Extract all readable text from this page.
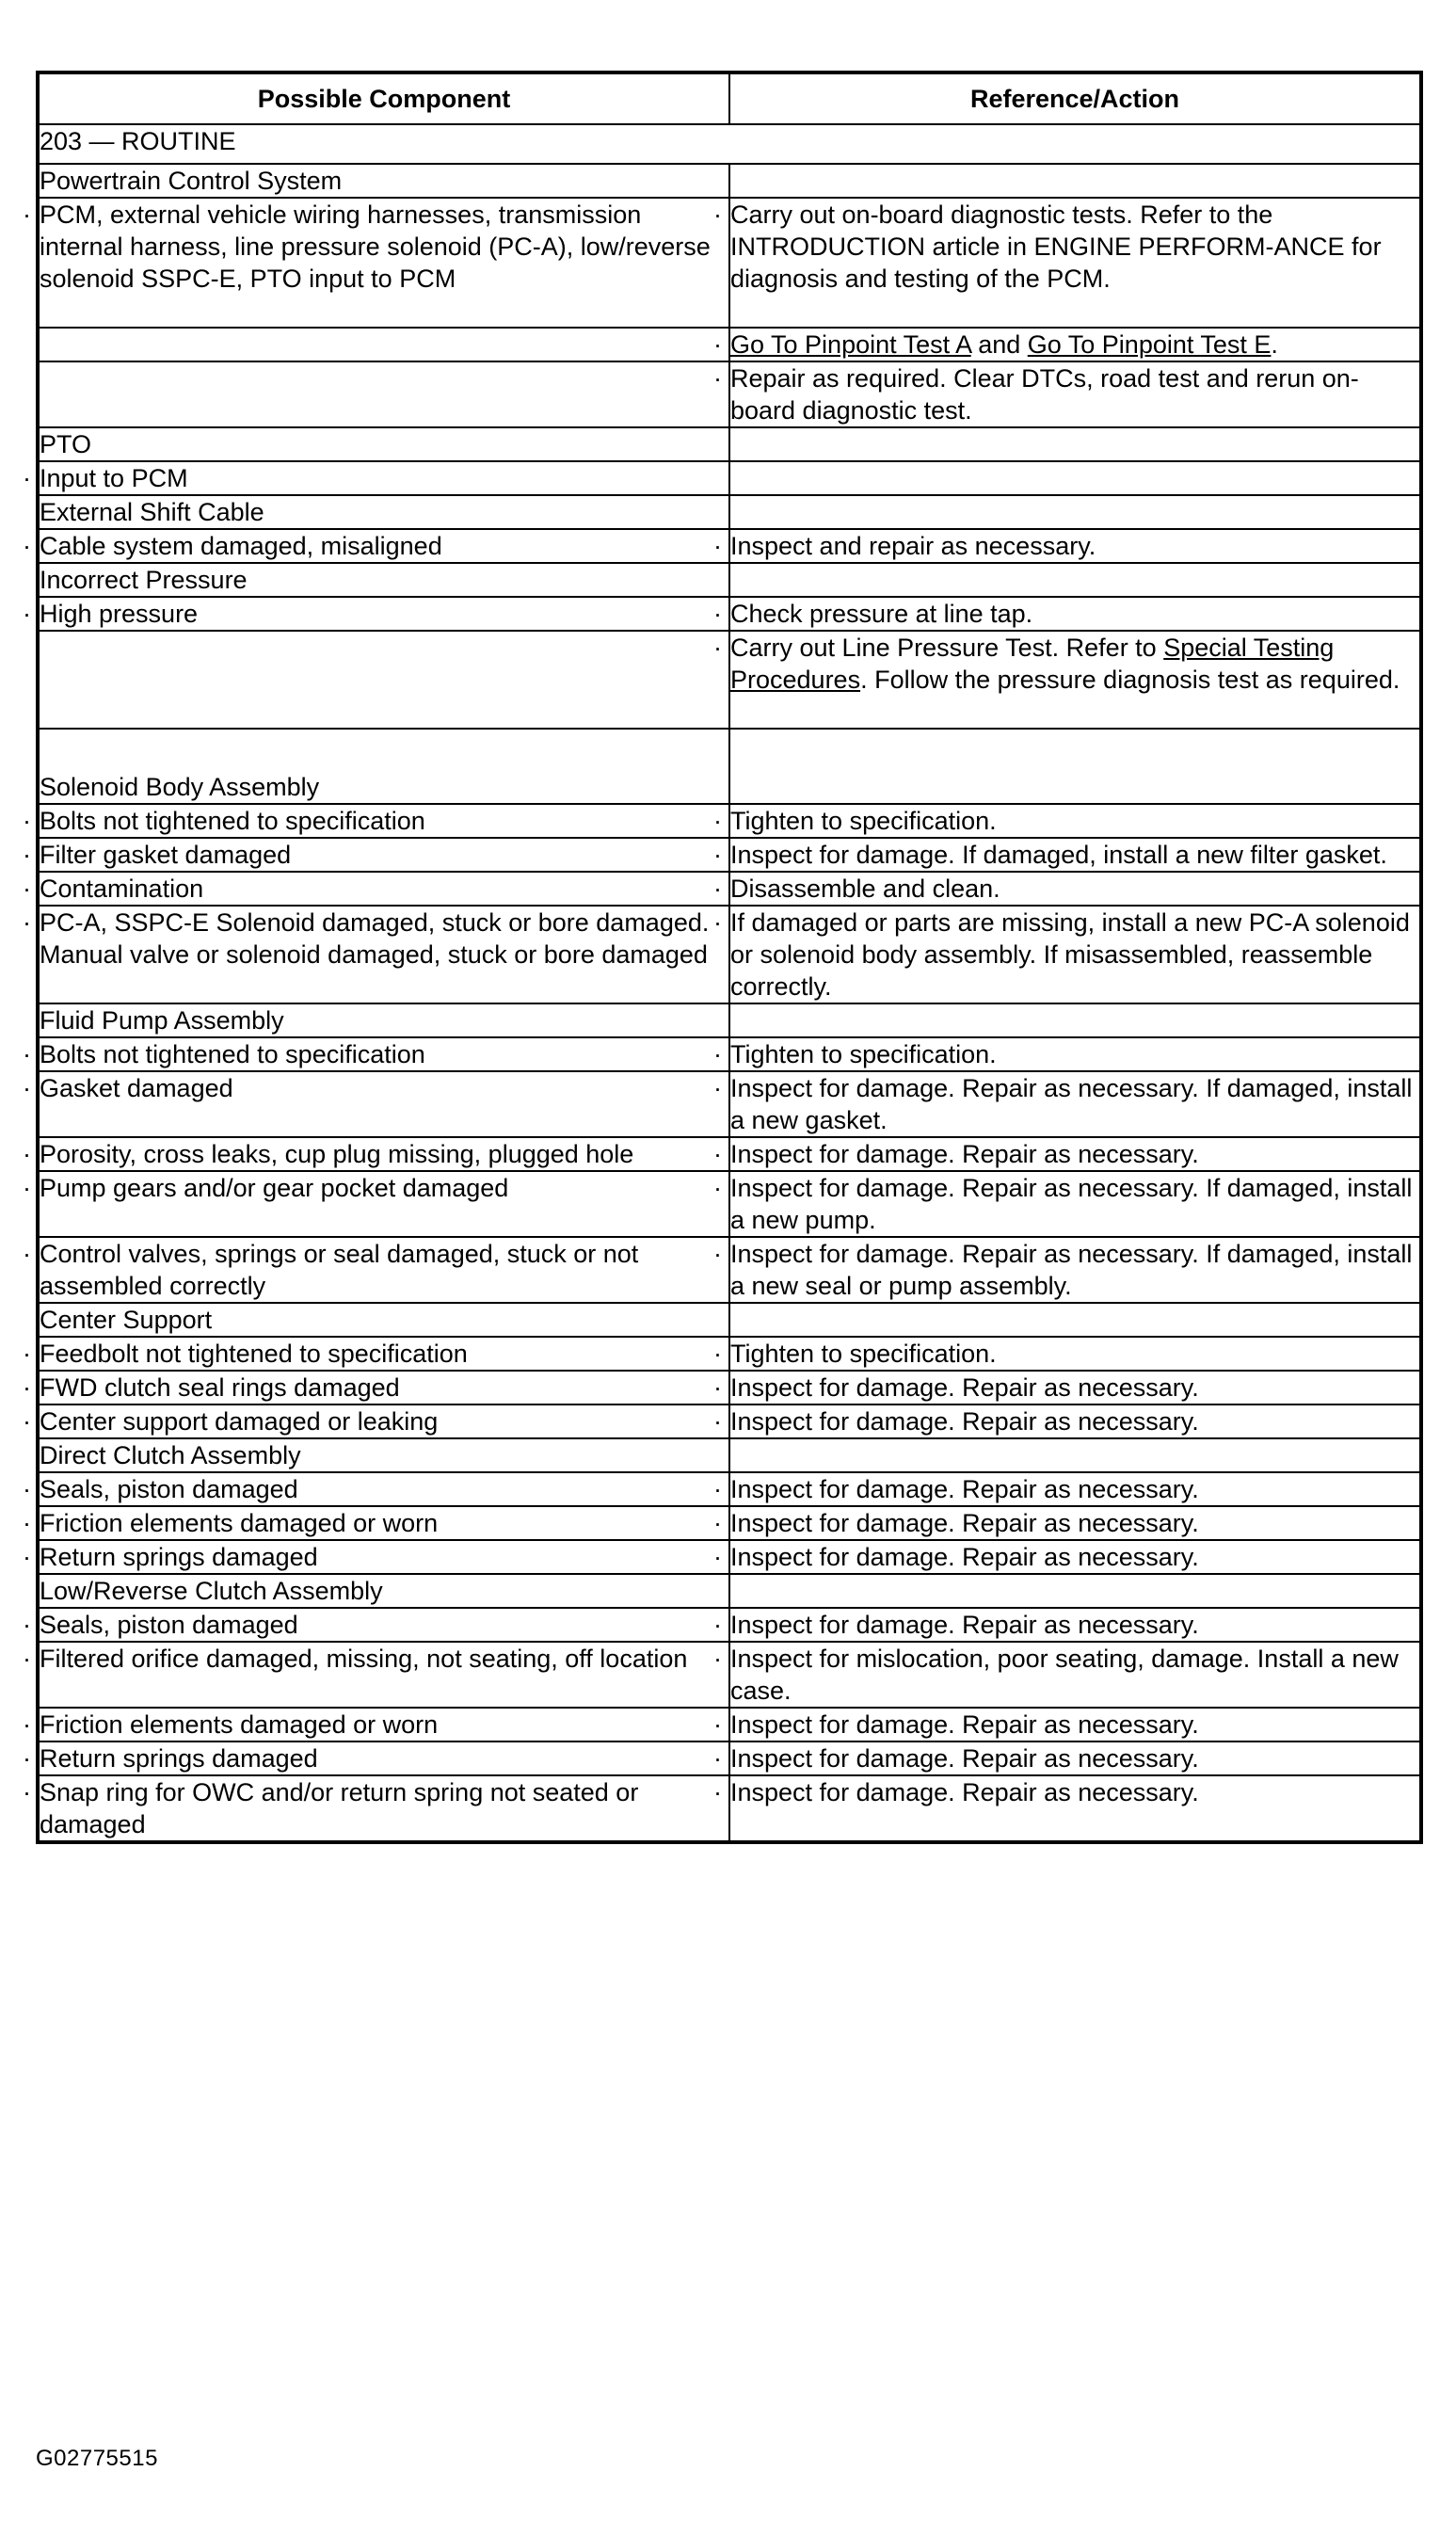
Possible Component	Reference/Action
203 — ROUTINE	
Powertrain Control System	
· PCM, external vehicle wiring harnesses, transmission internal harness, line pressure solenoid (PC-A), low/reverse solenoid SSPC-E, PTO input to PCM	· Carry out on-board diagnostic tests. Refer to the INTRODUCTION article in ENGINE PERFORM-ANCE for diagnosis and testing of the PCM.
	· Go To Pinpoint Test A and Go To Pinpoint Test E.
	· Repair as required. Clear DTCs, road test and rerun on-board diagnostic test.
PTO	
· Input to PCM	
External Shift Cable	
· Cable system damaged, misaligned	· Inspect and repair as necessary.
Incorrect Pressure	
· High pressure	· Check pressure at line tap.
	· Carry out Line Pressure Test. Refer to Special Testing Procedures. Follow the pressure diagnosis test as required.
Solenoid Body Assembly	
· Bolts not tightened to specification	· Tighten to specification.
· Filter gasket damaged	· Inspect for damage. If damaged, install a new filter gasket.
· Contamination	· Disassemble and clean.
· PC-A, SSPC-E Solenoid damaged, stuck or bore damaged. Manual valve or solenoid damaged, stuck or bore damaged	· If damaged or parts are missing, install a new PC-A solenoid or solenoid body assembly. If misassembled, reassemble correctly.
Fluid Pump Assembly	
· Bolts not tightened to specification	· Tighten to specification.
· Gasket damaged	· Inspect for damage. Repair as necessary. If damaged, install a new gasket.
· Porosity, cross leaks, cup plug missing, plugged hole	· Inspect for damage. Repair as necessary.
· Pump gears and/or gear pocket damaged	· Inspect for damage. Repair as necessary. If damaged, install a new pump.
· Control valves, springs or seal damaged, stuck or not assembled correctly	· Inspect for damage. Repair as necessary. If damaged, install a new seal or pump assembly.
Center Support	
· Feedbolt not tightened to specification	· Tighten to specification.
· FWD clutch seal rings damaged	· Inspect for damage. Repair as necessary.
· Center support damaged or leaking	· Inspect for damage. Repair as necessary.
Direct Clutch Assembly	
· Seals, piston damaged	· Inspect for damage. Repair as necessary.
· Friction elements damaged or worn	· Inspect for damage. Repair as necessary.
· Return springs damaged	· Inspect for damage. Repair as necessary.
Low/Reverse Clutch Assembly	
· Seals, piston damaged	· Inspect for damage. Repair as necessary.
· Filtered orifice damaged, missing, not seating, off location	· Inspect for mislocation, poor seating, damage. Install a new case.
· Friction elements damaged or worn	· Inspect for damage. Repair as necessary.
· Return springs damaged	· Inspect for damage. Repair as necessary.
· Snap ring for OWC and/or return spring not seated or damaged	· Inspect for damage. Repair as necessary.
G02775515
